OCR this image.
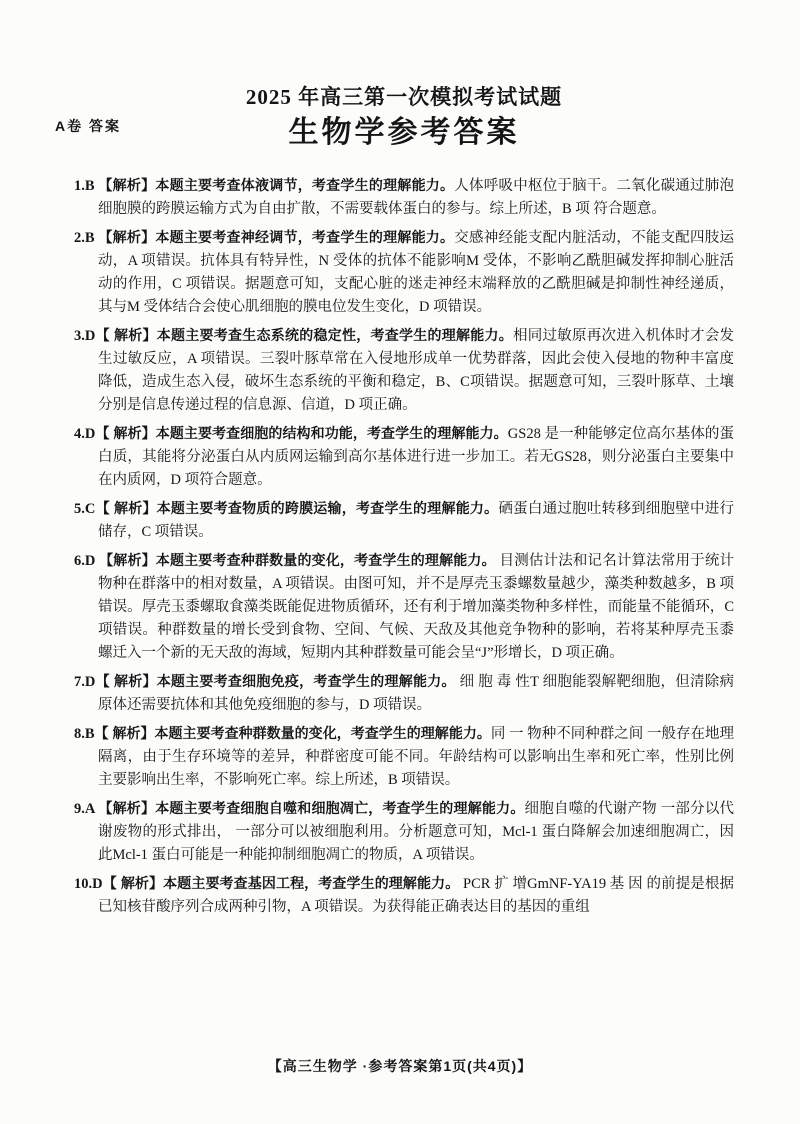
A卷 答案
2025 年高三第一次模拟考试试题
生物学参考答案

1.B 【解析】本题主要考查体液调节，考查学生的理解能力。人体呼吸中枢位于脑干。二氧化碳通过肺泡细胞膜的跨膜运输方式为自由扩散，不需要载体蛋白的参与。综上所述，B 项 符合题意。

2.B 【解析】本题主要考查神经调节，考查学生的理解能力。交感神经能支配内脏活动，不能支配四肢运动，A 项错误。抗体具有特异性，N 受体的抗体不能影响M 受体，不影响乙酰胆碱发挥抑制心脏活动的作用，C 项错误。据题意可知，支配心脏的迷走神经末端释放的乙酰胆碱是抑制性神经递质，其与M 受体结合会使心肌细胞的膜电位发生变化，D 项错误。

3.D【 解析】本题主要考查生态系统的稳定性，考查学生的理解能力。相同过敏原再次进入机体时才会发生过敏反应，A 项错误。三裂叶豚草常在入侵地形成单一优势群落，因此会使入侵地的物种丰富度降低，造成生态入侵，破坏生态系统的平衡和稳定，B、C项错误。据题意可知，三裂叶豚草、土壤分别是信息传递过程的信息源、信道，D 项正确。

4.D【 解析】本题主要考查细胞的结构和功能，考查学生的理解能力。GS28 是一种能够定位高尔基体的蛋白质，其能将分泌蛋白从内质网运输到高尔基体进行进一步加工。若无GS28，则分泌蛋白主要集中在内质网，D 项符合题意。

5.C【 解析】本题主要考查物质的跨膜运输，考查学生的理解能力。硒蛋白通过胞吐转移到细胞壁中进行储存，C 项错误。

6.D 【解析】本题主要考查种群数量的变化，考查学生的理解能力。 目测估计法和记名计算法常用于统计物种在群落中的相对数量，A 项错误。由图可知，并不是厚壳玉黍螺数量越少，藻类种数越多，B 项错误。厚壳玉黍螺取食藻类既能促进物质循环，还有利于增加藻类物种多样性，而能量不能循环，C 项错误。种群数量的增长受到食物、空间、气候、天敌及其他竞争物种的影响，若将某种厚壳玉黍螺迁入一个新的无天敌的海域，短期内其种群数量可能会呈“J”形增长，D 项正确。

7.D【 解析】本题主要考查细胞免疫，考查学生的理解能力。 细 胞 毒 性T 细胞能裂解靶细胞，但清除病原体还需要抗体和其他免疫细胞的参与，D 项错误。

8.B【 解析】本题主要考查种群数量的变化，考查学生的理解能力。同 一 物种不同种群之间 一般存在地理隔离，由于生存环境等的差异，种群密度可能不同。年龄结构可以影响出生率和死亡率，性别比例主要影响出生率，不影响死亡率。综上所述，B 项错误。

9.A 【解析】本题主要考查细胞自噬和细胞凋亡，考查学生的理解能力。细胞自噬的代谢产物 一部分以代谢废物的形式排出， 一部分可以被细胞利用。分析题意可知，Mcl-1 蛋白降解会加速细胞凋亡，因此Mcl-1 蛋白可能是一种能抑制细胞凋亡的物质，A 项错误。

10.D【 解析】本题主要考查基因工程，考查学生的理解能力。 PCR 扩 增GmNF-YA19 基 因 的前提是根据已知核苷酸序列合成两种引物，A 项错误。为获得能正确表达目的基因的重组

【高三生物学 ·参考答案第1页(共4页)】
